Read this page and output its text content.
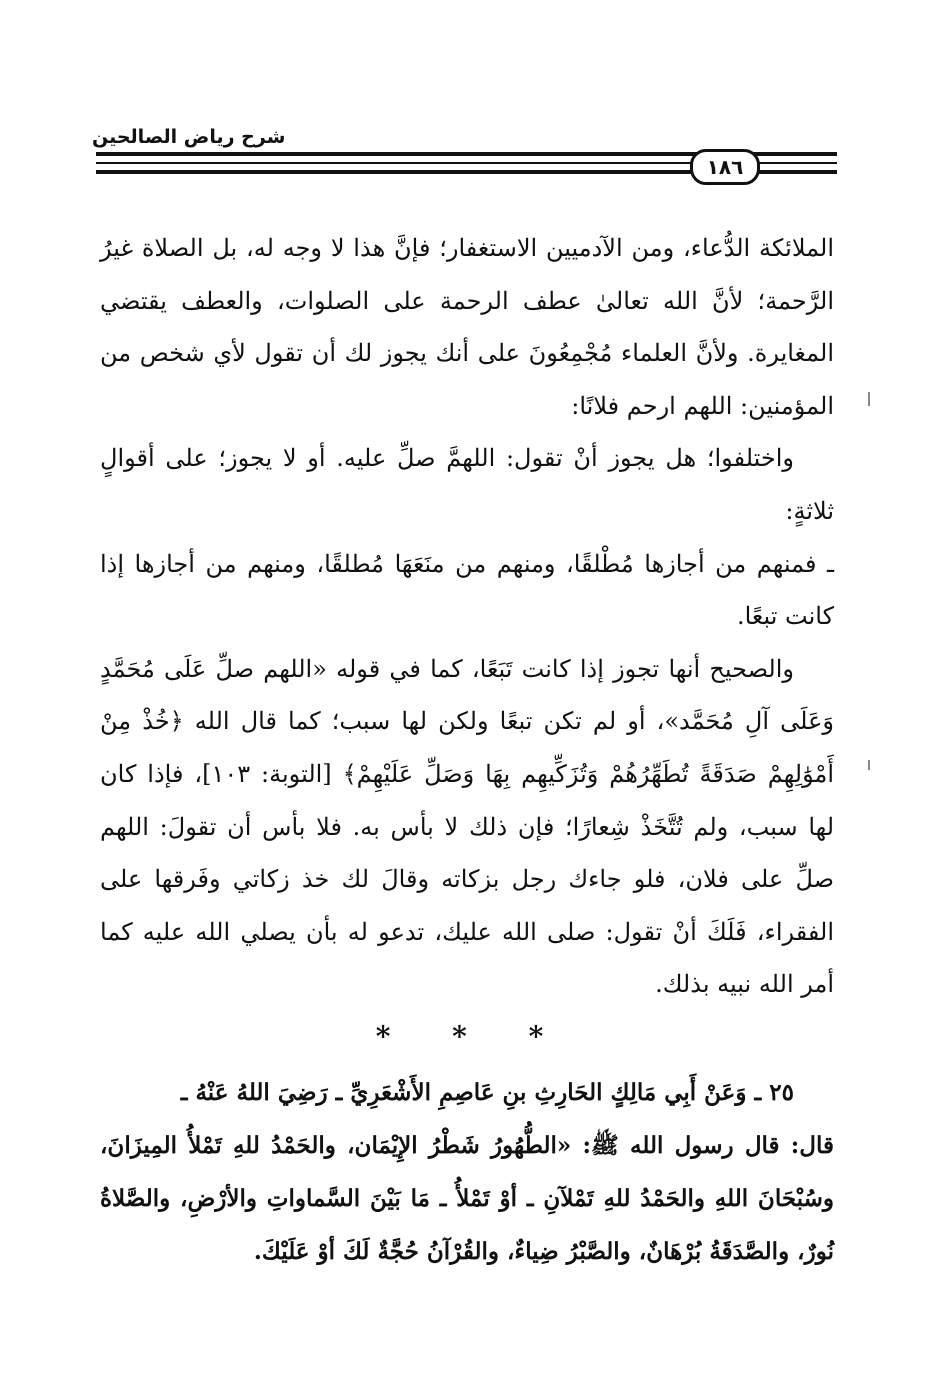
شرح رياض الصالحين
١٨٦

الملائكة الدُّعاء، ومن الآدميين الاستغفار؛ فإنَّ هذا لا وجه له، بل الصلاة غيرُ الرَّحمة؛ لأنَّ الله تعالىٰ عطف الرحمة على الصلوات، والعطف يقتضي المغايرة. ولأنَّ العلماء مُجْمِعُونَ على أنك يجوز لك أن تقول لأي شخص من المؤمنين: اللهم ارحم فلانًا:

واختلفوا؛ هل يجوز أنْ تقول: اللهمَّ صلِّ عليه. أو لا يجوز؛ على أقوالٍ ثلاثةٍ:

ـ فمنهم من أجازها مُطْلقًا، ومنهم من منَعَهَا مُطلقًا، ومنهم من أجازها إذا كانت تبعًا.

والصحيح أنها تجوز إذا كانت تَبَعًا، كما في قوله «اللهم صلِّ عَلَى مُحَمَّدٍ وَعَلَى آلِ مُحَمَّد»، أو لم تكن تبعًا ولكن لها سبب؛ كما قال الله ﴿خُذْ مِنْ أَمْوَٰلِهِمْ صَدَقَةً تُطَهِّرُهُمْ وَتُزَكِّيهِم بِهَا وَصَلِّ عَلَيْهِمْ﴾ [التوبة: ١٠٣]، فإذا كان لها سبب، ولم تُتَّخَذْ شِعارًا؛ فإن ذلك لا بأس به. فلا بأس أن تقولَ: اللهم صلِّ على فلان، فلو جاءك رجل بزكاته وقالَ لك خذ زكاتي وفَرقها على الفقراء، فَلَكَ أنْ تقول: صلى الله عليك، تدعو له بأن يصلي الله عليه كما أمر الله نبيه بذلك.

* * *

٢٥ ـ وَعَنْ أَبِي مَالِكٍ الحَارِثِ بنِ عَاصِمِ الأَشْعَرِيِّ ـ رَضِيَ اللهُ عَنْهُ ـ

قال: قال رسول الله ﷺ: «الطُّهُورُ شَطْرُ الإِيْمَان، والحَمْدُ للهِ تَمْلأُ المِيزَانَ، وسُبْحَانَ اللهِ والحَمْدُ للهِ تَمْلآنِ ـ أوْ تَمْلأُ ـ مَا بَيْنَ السَّماواتِ والأرْضِ، والصَّلاةُ نُورٌ، والصَّدَقَةُ بُرْهَانٌ، والصَّبْرُ ضِياءٌ، والقُرْآنُ حُجَّةٌ لَكَ أوْ عَلَيْكَ.
